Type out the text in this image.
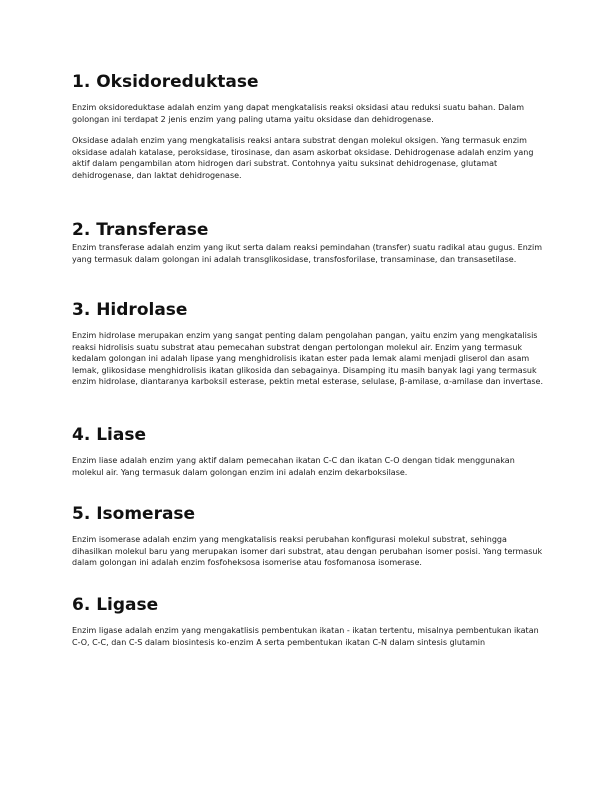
1. Oksidoreduktase

Enzim oksidoreduktase adalah enzim yang dapat mengkatalisis reaksi oksidasi atau reduksi suatu bahan. Dalam golongan ini terdapat 2 jenis enzim yang paling utama yaitu oksidase dan dehidrogenase.

Oksidase adalah enzim yang mengkatalisis reaksi antara substrat dengan molekul oksigen. Yang termasuk enzim oksidase adalah katalase, peroksidase, tirosinase, dan asam askorbat oksidase. Dehidrogenase adalah enzim yang aktif dalam pengambilan atom hidrogen dari substrat. Contohnya yaitu suksinat dehidrogenase, glutamat dehidrogenase, dan laktat dehidrogenase.

2. Transferase

Enzim transferase adalah enzim yang ikut serta dalam reaksi pemindahan (transfer) suatu radikal atau gugus. Enzim yang termasuk dalam golongan ini adalah transglikosidase, transfosforilase, transaminase, dan transasetilase.

3. Hidrolase

Enzim hidrolase merupakan enzim yang sangat penting dalam pengolahan pangan, yaitu enzim yang mengkatalisis reaksi hidrolisis suatu substrat atau pemecahan substrat dengan pertolongan molekul air. Enzim yang termasuk kedalam golongan ini adalah lipase yang menghidrolisis ikatan ester pada lemak alami menjadi gliserol dan asam lemak, glikosidase menghidrolisis ikatan glikosida dan sebagainya. Disamping itu masih banyak lagi yang termasuk enzim hidrolase, diantaranya karboksil esterase, pektin metal esterase, selulase, β-amilase, α-amilase dan invertase.

4. Liase

Enzim liase adalah enzim yang aktif dalam pemecahan ikatan C-C dan ikatan C-O dengan tidak menggunakan molekul air. Yang termasuk dalam golongan enzim ini adalah enzim dekarboksilase.

5. Isomerase

Enzim isomerase adalah enzim yang mengkatalisis reaksi perubahan konfigurasi molekul substrat, sehingga dihasilkan molekul baru yang merupakan isomer dari substrat, atau dengan perubahan isomer posisi. Yang termasuk dalam golongan ini adalah enzim fosfoheksosa isomerise atau fosfomanosa isomerase.

6. Ligase

Enzim ligase adalah enzim yang mengakatlisis pembentukan ikatan - ikatan tertentu, misalnya pembentukan ikatan C-O, C-C, dan C-S dalam biosintesis ko-enzim A serta pembentukan ikatan C-N dalam sintesis glutamin
